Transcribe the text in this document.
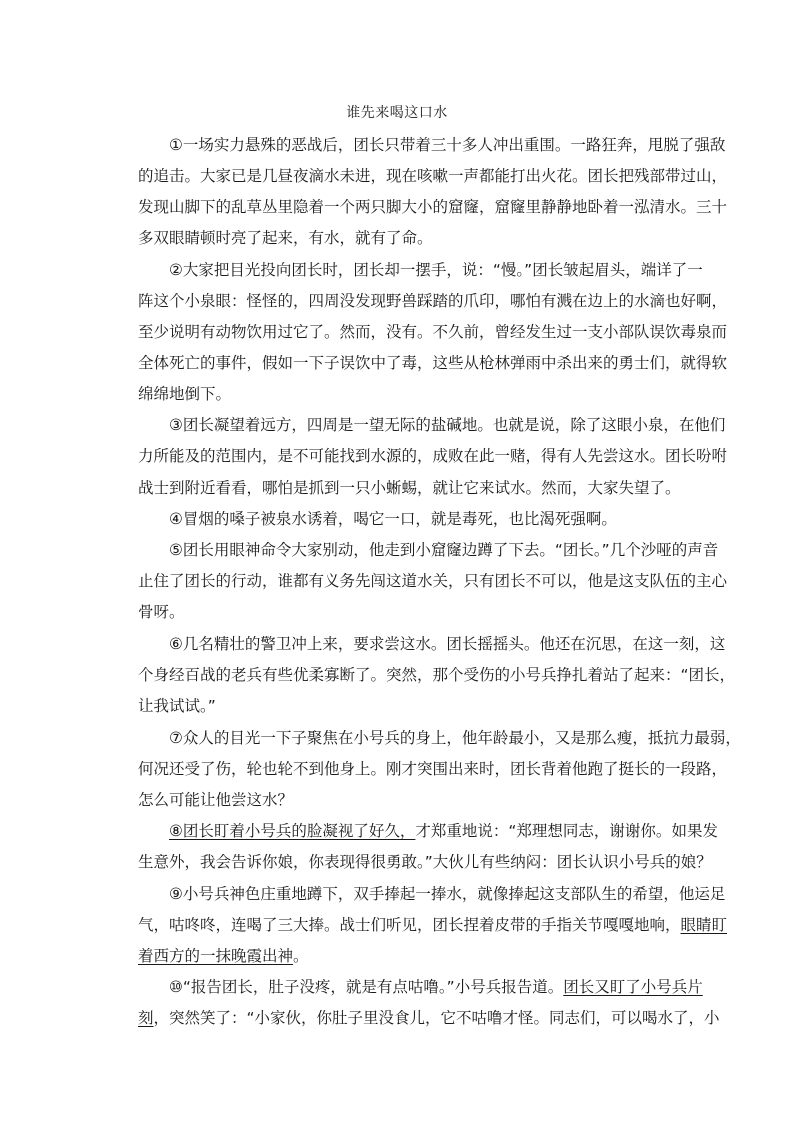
谁先来喝这口水
①一场实力悬殊的恶战后，团长只带着三十多人冲出重围。一路狂奔，甩脱了强敌
的追击。大家已是几昼夜滴水未进，现在咳嗽一声都能打出火花。团长把残部带过山，
发现山脚下的乱草丛里隐着一个两只脚大小的窟窿，窟窿里静静地卧着一泓清水。三十
多双眼睛顿时亮了起来，有水，就有了命。
②大家把目光投向团长时，团长却一摆手，说：“慢。”团长皱起眉头，端详了一
阵这个小泉眼：怪怪的，四周没发现野兽踩踏的爪印，哪怕有溅在边上的水滴也好啊，
至少说明有动物饮用过它了。然而，没有。不久前，曾经发生过一支小部队误饮毒泉而
全体死亡的事件，假如一下子误饮中了毒，这些从枪林弹雨中杀出来的勇士们，就得软
绵绵地倒下。
③团长凝望着远方，四周是一望无际的盐碱地。也就是说，除了这眼小泉，在他们
力所能及的范围内，是不可能找到水源的，成败在此一赌，得有人先尝这水。团长吩咐
战士到附近看看，哪怕是抓到一只小蜥蜴，就让它来试水。然而，大家失望了。
④冒烟的嗓子被泉水诱着，喝它一口，就是毒死，也比渴死强啊。
⑤团长用眼神命令大家别动，他走到小窟窿边蹲了下去。“团长。”几个沙哑的声音
止住了团长的行动，谁都有义务先闯这道水关，只有团长不可以，他是这支队伍的主心
骨呀。
⑥几名精壮的警卫冲上来，要求尝这水。团长摇摇头。他还在沉思，在这一刻，这
个身经百战的老兵有些优柔寡断了。突然，那个受伤的小号兵挣扎着站了起来：“团长，
让我试试。”
⑦众人的目光一下子聚焦在小号兵的身上，他年龄最小，又是那么瘦，抵抗力最弱，
何况还受了伤，轮也轮不到他身上。刚才突围出来时，团长背着他跑了挺长的一段路，
怎么可能让他尝这水？
⑧团长盯着小号兵的脸凝视了好久，才郑重地说：“郑理想同志，谢谢你。如果发
生意外，我会告诉你娘，你表现得很勇敢。”大伙儿有些纳闷：团长认识小号兵的娘？
⑨小号兵神色庄重地蹲下，双手捧起一捧水，就像捧起这支部队生的希望，他运足
气，咕咚咚，连喝了三大捧。战士们听见，团长捏着皮带的手指关节嘎嘎地响，眼睛盯
着西方的一抹晚霞出神。
⑩“报告团长，肚子没疼，就是有点咕噜。”小号兵报告道。团长又盯了小号兵片
刻，突然笑了：“小家伙，你肚子里没食儿，它不咕噜才怪。同志们，可以喝水了，小
